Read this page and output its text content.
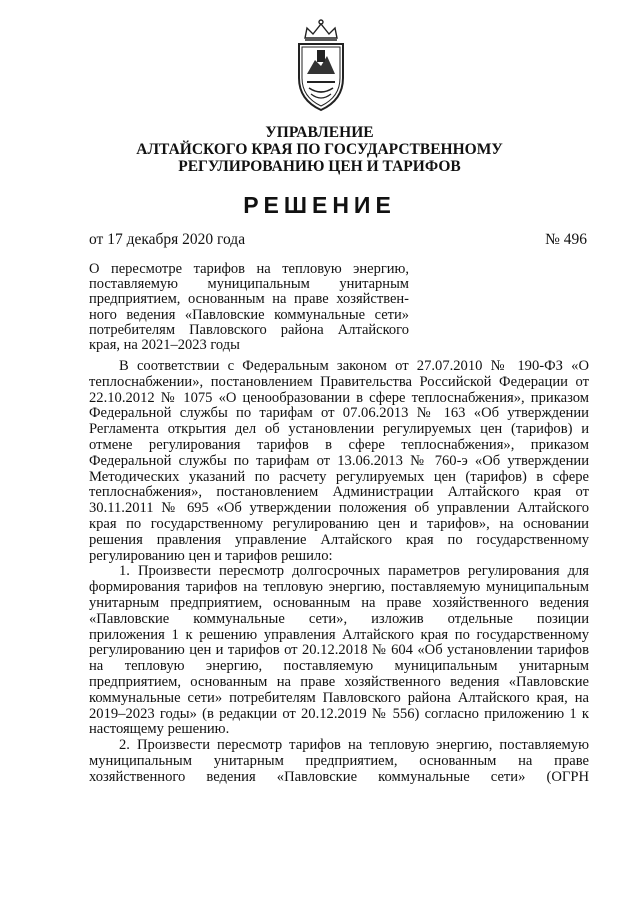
УПРАВЛЕНИЕ
АЛТАЙСКОГО КРАЯ ПО ГОСУДАРСТВЕННОМУ
РЕГУЛИРОВАНИЮ ЦЕН И ТАРИФОВ
РЕШЕНИЕ
от 17 декабря 2020 года	№ 496
О пересмотре тарифов на тепловую энергию,
поставляемую муниципальным унитарным
предприятием, основанным на праве хозяйствен-
ного ведения «Павловские коммунальные сети»
потребителям Павловского района Алтайского
края, на 2021–2023 годы
В соответствии с Федеральным законом от 27.07.2010 № 190-ФЗ «О
теплоснабжении», постановлением Правительства Российской Федерации от
22.10.2012 № 1075 «О ценообразовании в сфере теплоснабжения», приказом
Федеральной службы по тарифам от 07.06.2013 № 163 «Об утверждении
Регламента открытия дел об установлении регулируемых цен (тарифов) и
отмене регулирования тарифов в сфере теплоснабжения», приказом
Федеральной службы по тарифам от 13.06.2013 № 760-э «Об утверждении
Методических указаний по расчету регулируемых цен (тарифов) в сфере
теплоснабжения», постановлением Администрации Алтайского края от
30.11.2011 № 695 «Об утверждении положения об управлении Алтайского
края по государственному регулированию цен и тарифов», на основании
решения правления управление Алтайского края по государственному
регулированию цен и тарифов решило:
1. Произвести пересмотр долгосрочных параметров регулирования для
формирования тарифов на тепловую энергию, поставляемую муниципальным
унитарным предприятием, основанным на праве хозяйственного ведения
«Павловские коммунальные сети», изложив отдельные позиции
приложения 1 к решению управления Алтайского края по государственному
регулированию цен и тарифов от 20.12.2018 № 604 «Об установлении тарифов
на тепловую энергию, поставляемую муниципальным унитарным
предприятием, основанным на праве хозяйственного ведения «Павловские
коммунальные сети» потребителям Павловского района Алтайского края, на
2019–2023 годы» (в редакции от 20.12.2019 № 556) согласно приложению 1 к
настоящему решению.
2. Произвести пересмотр тарифов на тепловую энергию, поставляемую
муниципальным унитарным предприятием, основанным на праве
хозяйственного ведения «Павловские коммунальные сети» (ОГРН
